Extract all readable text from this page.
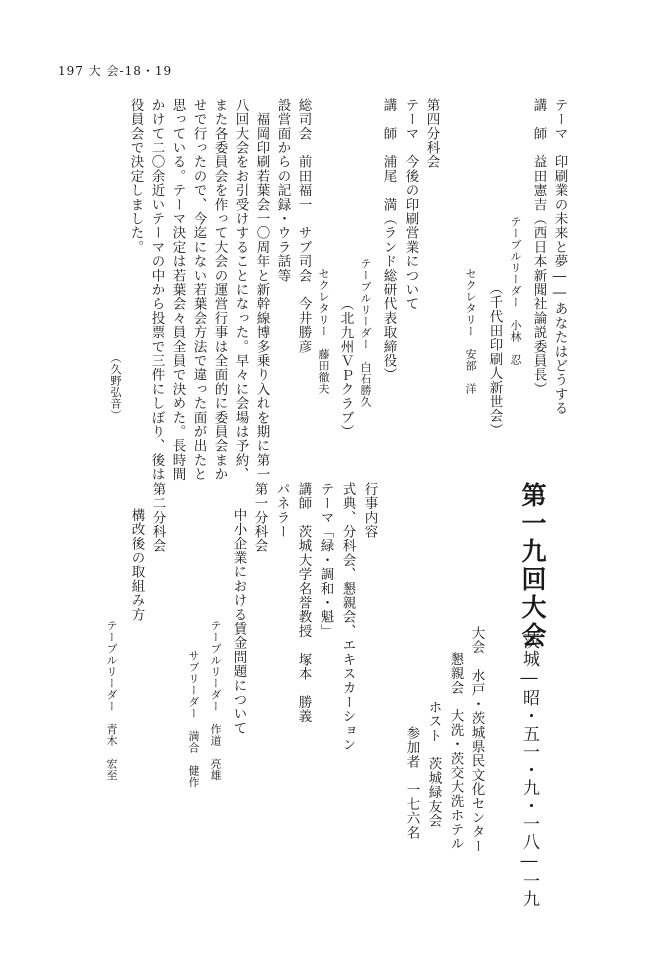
197 大 会-18・19
テーマ　印刷業の未来と夢――あなたはどうする
講　師　益田憲吉（西日本新聞社論説委員長）
テーブルリーダー　小林　忍
（千代田印刷人新世会）
セクレタリー　安部　洋
第四分科会
テーマ　今後の印刷営業について
講　師　浦尾　満（ランド総研代表取締役）
テーブルリーダー　白石勝久
（北九州ＶＰクラブ）
セクレタリー　藤田徹夫
総司会　前田福一　サブ司会　今井勝彦
設営面からの記録・ウラ話等
　福岡印刷若葉会一〇周年と新幹線博多乗り入れを期に第一
八回大会をお引受けすることになった。早々に会場は予約、
また各委員会を作って大会の運営行事は全面的に委員会まか
せで行ったので、今迄にない若葉会方法で違った面が出たと
思っている。テーマ決定は若葉会々員全員で決めた。長時間
かけて二〇余近いテーマの中から投票で三件にしぼり、後は
役員会で決定しました。
（久野弘音）
第一九回大会
茨城―昭・五一・九・一八―一九
大会　水戸・茨城県民文化センター
懇親会　大洗・茨交大洗ホテル
ホスト　茨城緑友会
参加者　一七六名
行事内容
式典、分科会、懇親会、エキスカーション
テーマ「緑・調和・魁」
講師　茨城大学名誉教授　塚本　勝義
パネラー
第一分科会
中小企業における賃金問題について
テーブルリーダー　作道　亮雄
サブリーダー　満合　健作
第二分科会
構改後の取組み方
テーブルリーダー　青木　宏至
